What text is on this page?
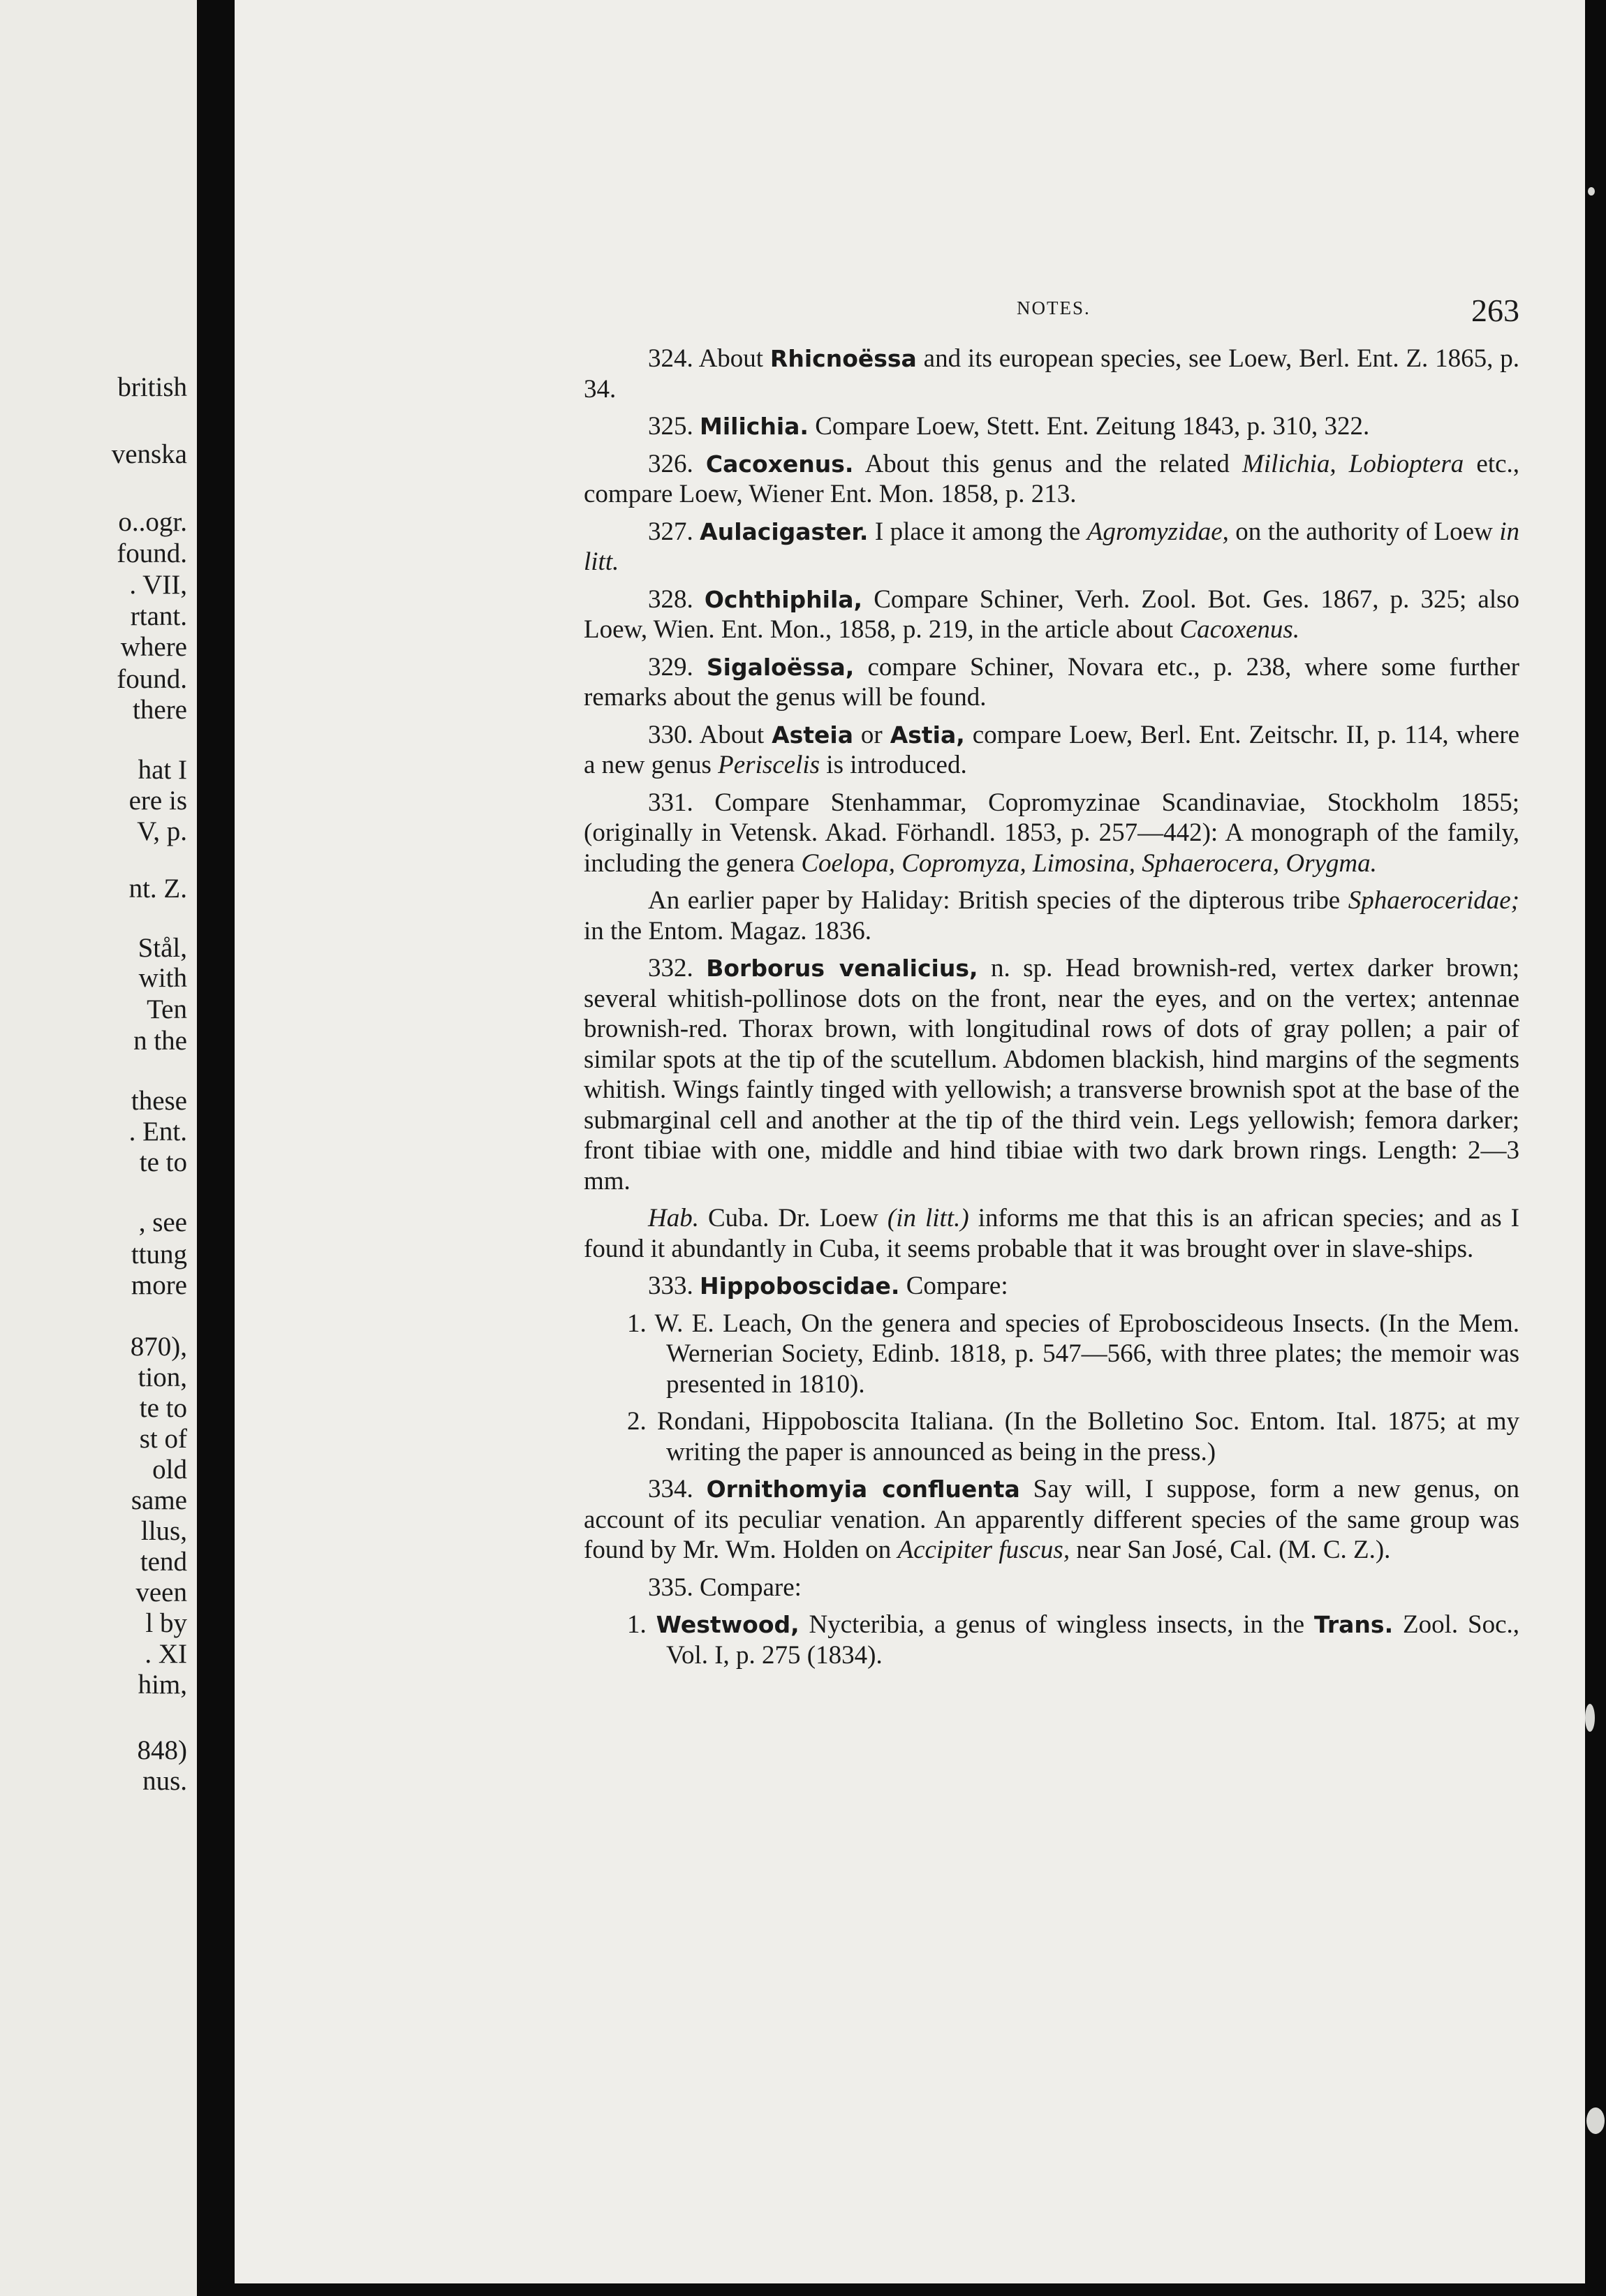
british
venska
o..ogr.
found.
. VII,
rtant.
where
found.
there
hat I
ere is
V, p.
nt. Z.
Stål,
with
Ten
n the
these
. Ent.
te to
, see
ttung
more
870),
tion,
te to
st of
old
same
llus,
tend
veen
l by
. XI
him,
848)
nus.
NOTES.	263

324. About Rhicnoëssa and its european species, see Loew, Berl. Ent. Z. 1865, p. 34.

325. Milichia. Compare Loew, Stett. Ent. Zeitung 1843, p. 310, 322.

326. Cacoxenus. About this genus and the related Milichia, Lobioptera etc., compare Loew, Wiener Ent. Mon. 1858, p. 213.

327. Aulacigaster. I place it among the Agromyzidae, on the authority of Loew in litt.

328. Ochthiphila, Compare Schiner, Verh. Zool. Bot. Ges. 1867, p. 325; also Loew, Wien. Ent. Mon., 1858, p. 219, in the article about Cacoxenus.

329. Sigaloëssa, compare Schiner, Novara etc., p. 238, where some further remarks about the genus will be found.

330. About Asteia or Astia, compare Loew, Berl. Ent. Zeitschr. II, p. 114, where a new genus Periscelis is introduced.

331. Compare Stenhammar, Copromyzinae Scandinaviae, Stockholm 1855; (originally in Vetensk. Akad. Förhandl. 1853, p. 257—442): A monograph of the family, including the genera Coelopa, Copromyza, Limosina, Sphaerocera, Orygma.

An earlier paper by Haliday: British species of the dipterous tribe Sphaeroceridae; in the Entom. Magaz. 1836.

332. Borborus venalicius, n. sp. Head brownish-red, vertex darker brown; several whitish-pollinose dots on the front, near the eyes, and on the vertex; antennae brownish-red. Thorax brown, with longitudinal rows of dots of gray pollen; a pair of similar spots at the tip of the scutellum. Abdomen blackish, hind margins of the segments whitish. Wings faintly tinged with yellowish; a transverse brownish spot at the base of the submarginal cell and another at the tip of the third vein. Legs yellowish; femora darker; front tibiae with one, middle and hind tibiae with two dark brown rings. Length: 2—3 mm.

Hab. Cuba. Dr. Loew (in litt.) informs me that this is an african species; and as I found it abundantly in Cuba, it seems probable that it was brought over in slave-ships.

333. Hippoboscidae. Compare:

1. W. E. Leach, On the genera and species of Eproboscideous Insects. (In the Mem. Wernerian Society, Edinb. 1818, p. 547—566, with three plates; the memoir was presented in 1810).

2. Rondani, Hippoboscita Italiana. (In the Bolletino Soc. Entom. Ital. 1875; at my writing the paper is announced as being in the press.)

334. Ornithomyia confluenta Say will, I suppose, form a new genus, on account of its peculiar venation. An apparently different species of the same group was found by Mr. Wm. Holden on Accipiter fuscus, near San José, Cal. (M. C. Z.).

335. Compare:

1. Westwood, Nycteribia, a genus of wingless insects, in the Trans. Zool. Soc., Vol. I, p. 275 (1834).
